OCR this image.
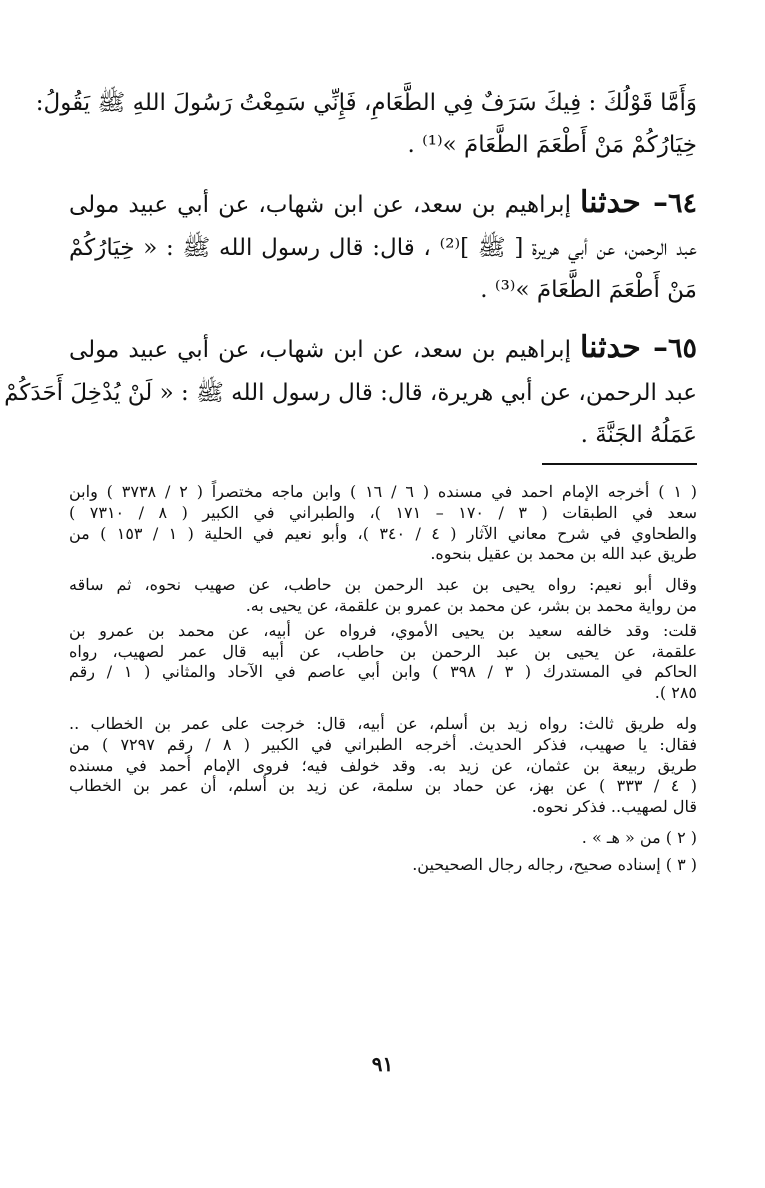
وَأَمَّا قَوْلُكَ : فِيكَ سَرَفٌ فِي الطَّعَامِ، فَإِنِّي سَمِعْتُ رَسُولَ اللهِ ﷺ يَقُولُ:

خِيَارُكُمْ مَنْ أَطْعَمَ الطَّعَامَ »⁽¹⁾ .

٦٤– حدثنا إبراهيم بن سعد، عن ابن شهاب، عن أبي عبيد مولى

عبد الرحمن، عن أبي هريرة [ ﷺ ]⁽²⁾ ، قال: قال رسول الله ﷺ : « خِيَارُكُمْ

مَنْ أَطْعَمَ الطَّعَامَ »⁽³⁾ .

٦٥– حدثنا إبراهيم بن سعد، عن ابن شهاب، عن أبي عبيد مولى

عبد الرحمن، عن أبي هريرة، قال: قال رسول الله ﷺ : « لَنْ يُدْخِلَ أَحَدَكُمْ

عَمَلُهُ الجَنَّةَ .

( ١ ) أخرجه الإمام احمد في مسنده ( ٦ / ١٦ ) وابن ماجه مختصراً ( ٢ / ٣٧٣٨ ) وابن

سعد في الطبقات ( ٣ / ١٧٠ – ١٧١ )، والطبراني في الكبير ( ٨ / ٧٣١٠ )

والطحاوي في شرح معاني الآثار ( ٤ / ٣٤٠ )، وأبو نعيم في الحلية ( ١ / ١٥٣ ) من

طريق عبد الله بن محمد بن عقيل بنحوه.

وقال أبو نعيم: رواه يحيى بن عبد الرحمن بن حاطب، عن صهيب نحوه، ثم ساقه

من رواية محمد بن بشر، عن محمد بن عمرو بن علقمة، عن يحيى به.

قلت: وقد خالفه سعيد بن يحيى الأموي، فرواه عن أبيه، عن محمد بن عمرو بن

علقمة، عن يحيى بن عبد الرحمن بن حاطب، عن أبيه قال عمر لصهيب، رواه

الحاكم في المستدرك ( ٣ / ٣٩٨ ) وابن أبي عاصم في الآحاد والمثاني ( ١ / رقم

٢٨٥ ).

وله طريق ثالث: رواه زيد بن أسلم، عن أبيه، قال: خرجت على عمر بن الخطاب ..

فقال: يا صهيب، فذكر الحديث. أخرجه الطبراني في الكبير ( ٨ / رقم ٧٢٩٧ ) من

طريق ربيعة بن عثمان، عن زيد به. وقد خولف فيه؛ فروى الإمام أحمد في مسنده

( ٤ / ٣٣٣ ) عن بهز، عن حماد بن سلمة، عن زيد بن أسلم، أن عمر بن الخطاب

قال لصهيب.. فذكر نحوه.

( ٢ ) من « هـ » .

( ٣ ) إسناده صحيح، رجاله رجال الصحيحين.

٩١
